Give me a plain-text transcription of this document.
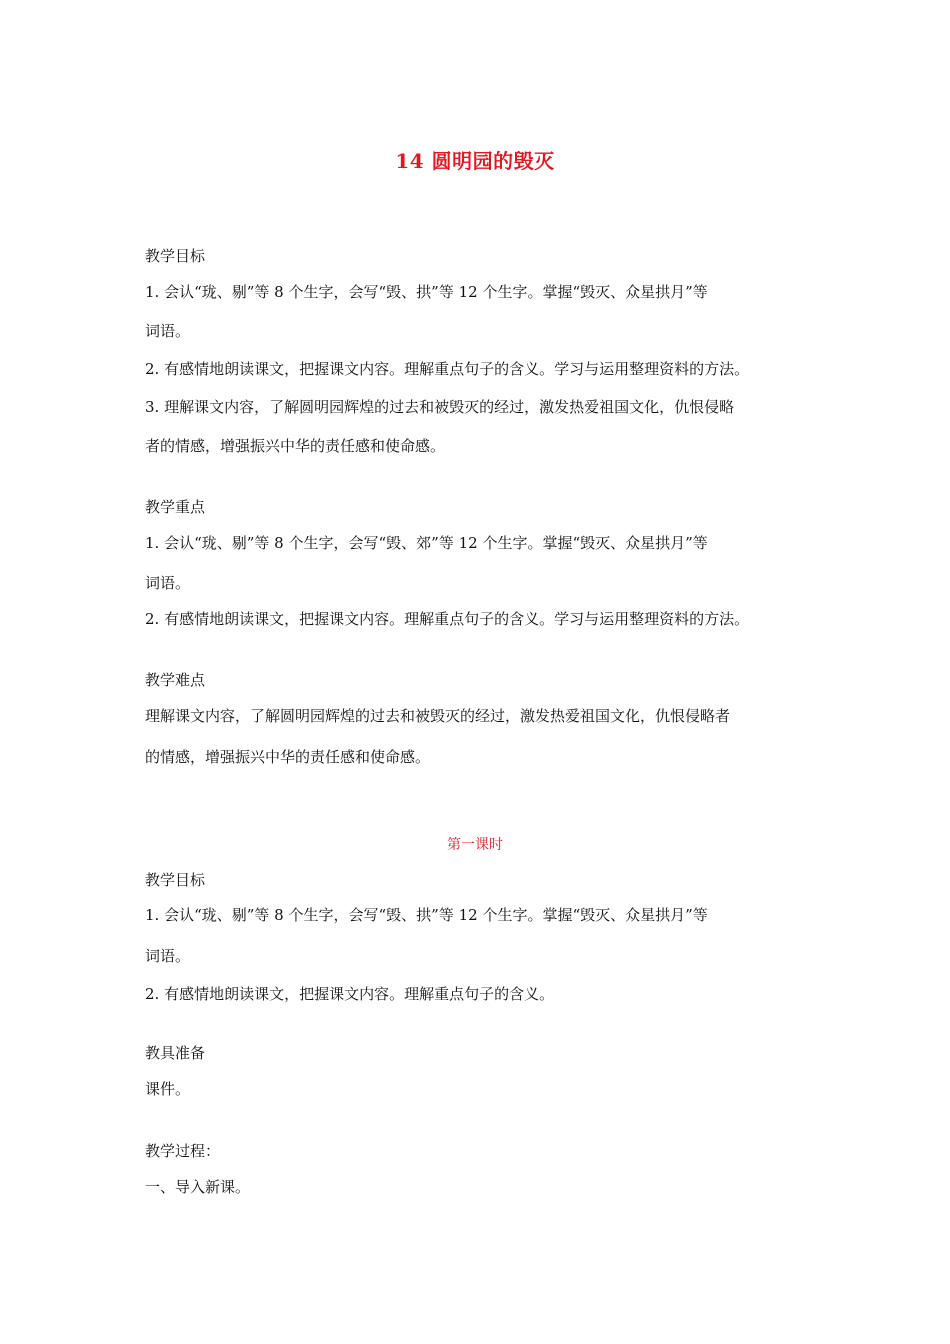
14 圆明园的毁灭
教学目标
1. 会认“珑、剔”等 8 个生字，会写“毁、拱”等 12 个生字。掌握“毁灭、众星拱月”等
词语。
2. 有感情地朗读课文，把握课文内容。理解重点句子的含义。学习与运用整理资料的方法。
3. 理解课文内容，了解圆明园辉煌的过去和被毁灭的经过，激发热爱祖国文化，仇恨侵略
者的情感，增强振兴中华的责任感和使命感。
教学重点
1. 会认“珑、剔”等 8 个生字，会写“毁、郊”等 12 个生字。掌握“毁灭、众星拱月”等
词语。
2. 有感情地朗读课文，把握课文内容。理解重点句子的含义。学习与运用整理资料的方法。
教学难点
理解课文内容，了解圆明园辉煌的过去和被毁灭的经过，激发热爱祖国文化，仇恨侵略者
的情感，增强振兴中华的责任感和使命感。
第一课时
教学目标
1. 会认“珑、剔”等 8 个生字，会写“毁、拱”等 12 个生字。掌握“毁灭、众星拱月”等
词语。
2. 有感情地朗读课文，把握课文内容。理解重点句子的含义。
教具准备
课件。
教学过程：
一、导入新课。
